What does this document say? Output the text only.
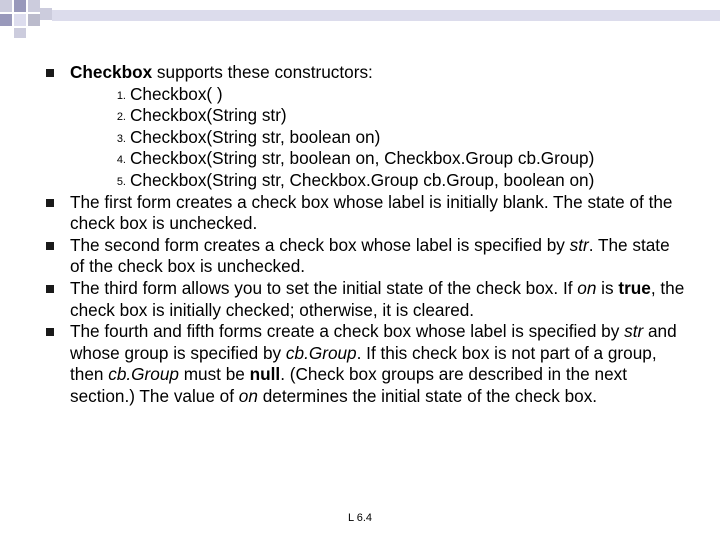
Checkbox supports these constructors:
1. Checkbox( )
2. Checkbox(String str)
3. Checkbox(String str, boolean on)
4. Checkbox(String str, boolean on, Checkbox.Group cb.Group)
5. Checkbox(String str, Checkbox.Group cb.Group, boolean on)
The first form creates a check box whose label is initially blank. The state of the check box is unchecked.
The second form creates a check box whose label is specified by str. The state of the check box is unchecked.
The third form allows you to set the initial state of the check box. If on is true, the check box is initially checked; otherwise, it is cleared.
The fourth and fifth forms create a check box whose label is specified by str and whose group is specified by cb.Group. If this check box is not part of a group, then cb.Group must be null. (Check box groups are described in the next section.) The value of on determines the initial state of the check box.
L 6.4
